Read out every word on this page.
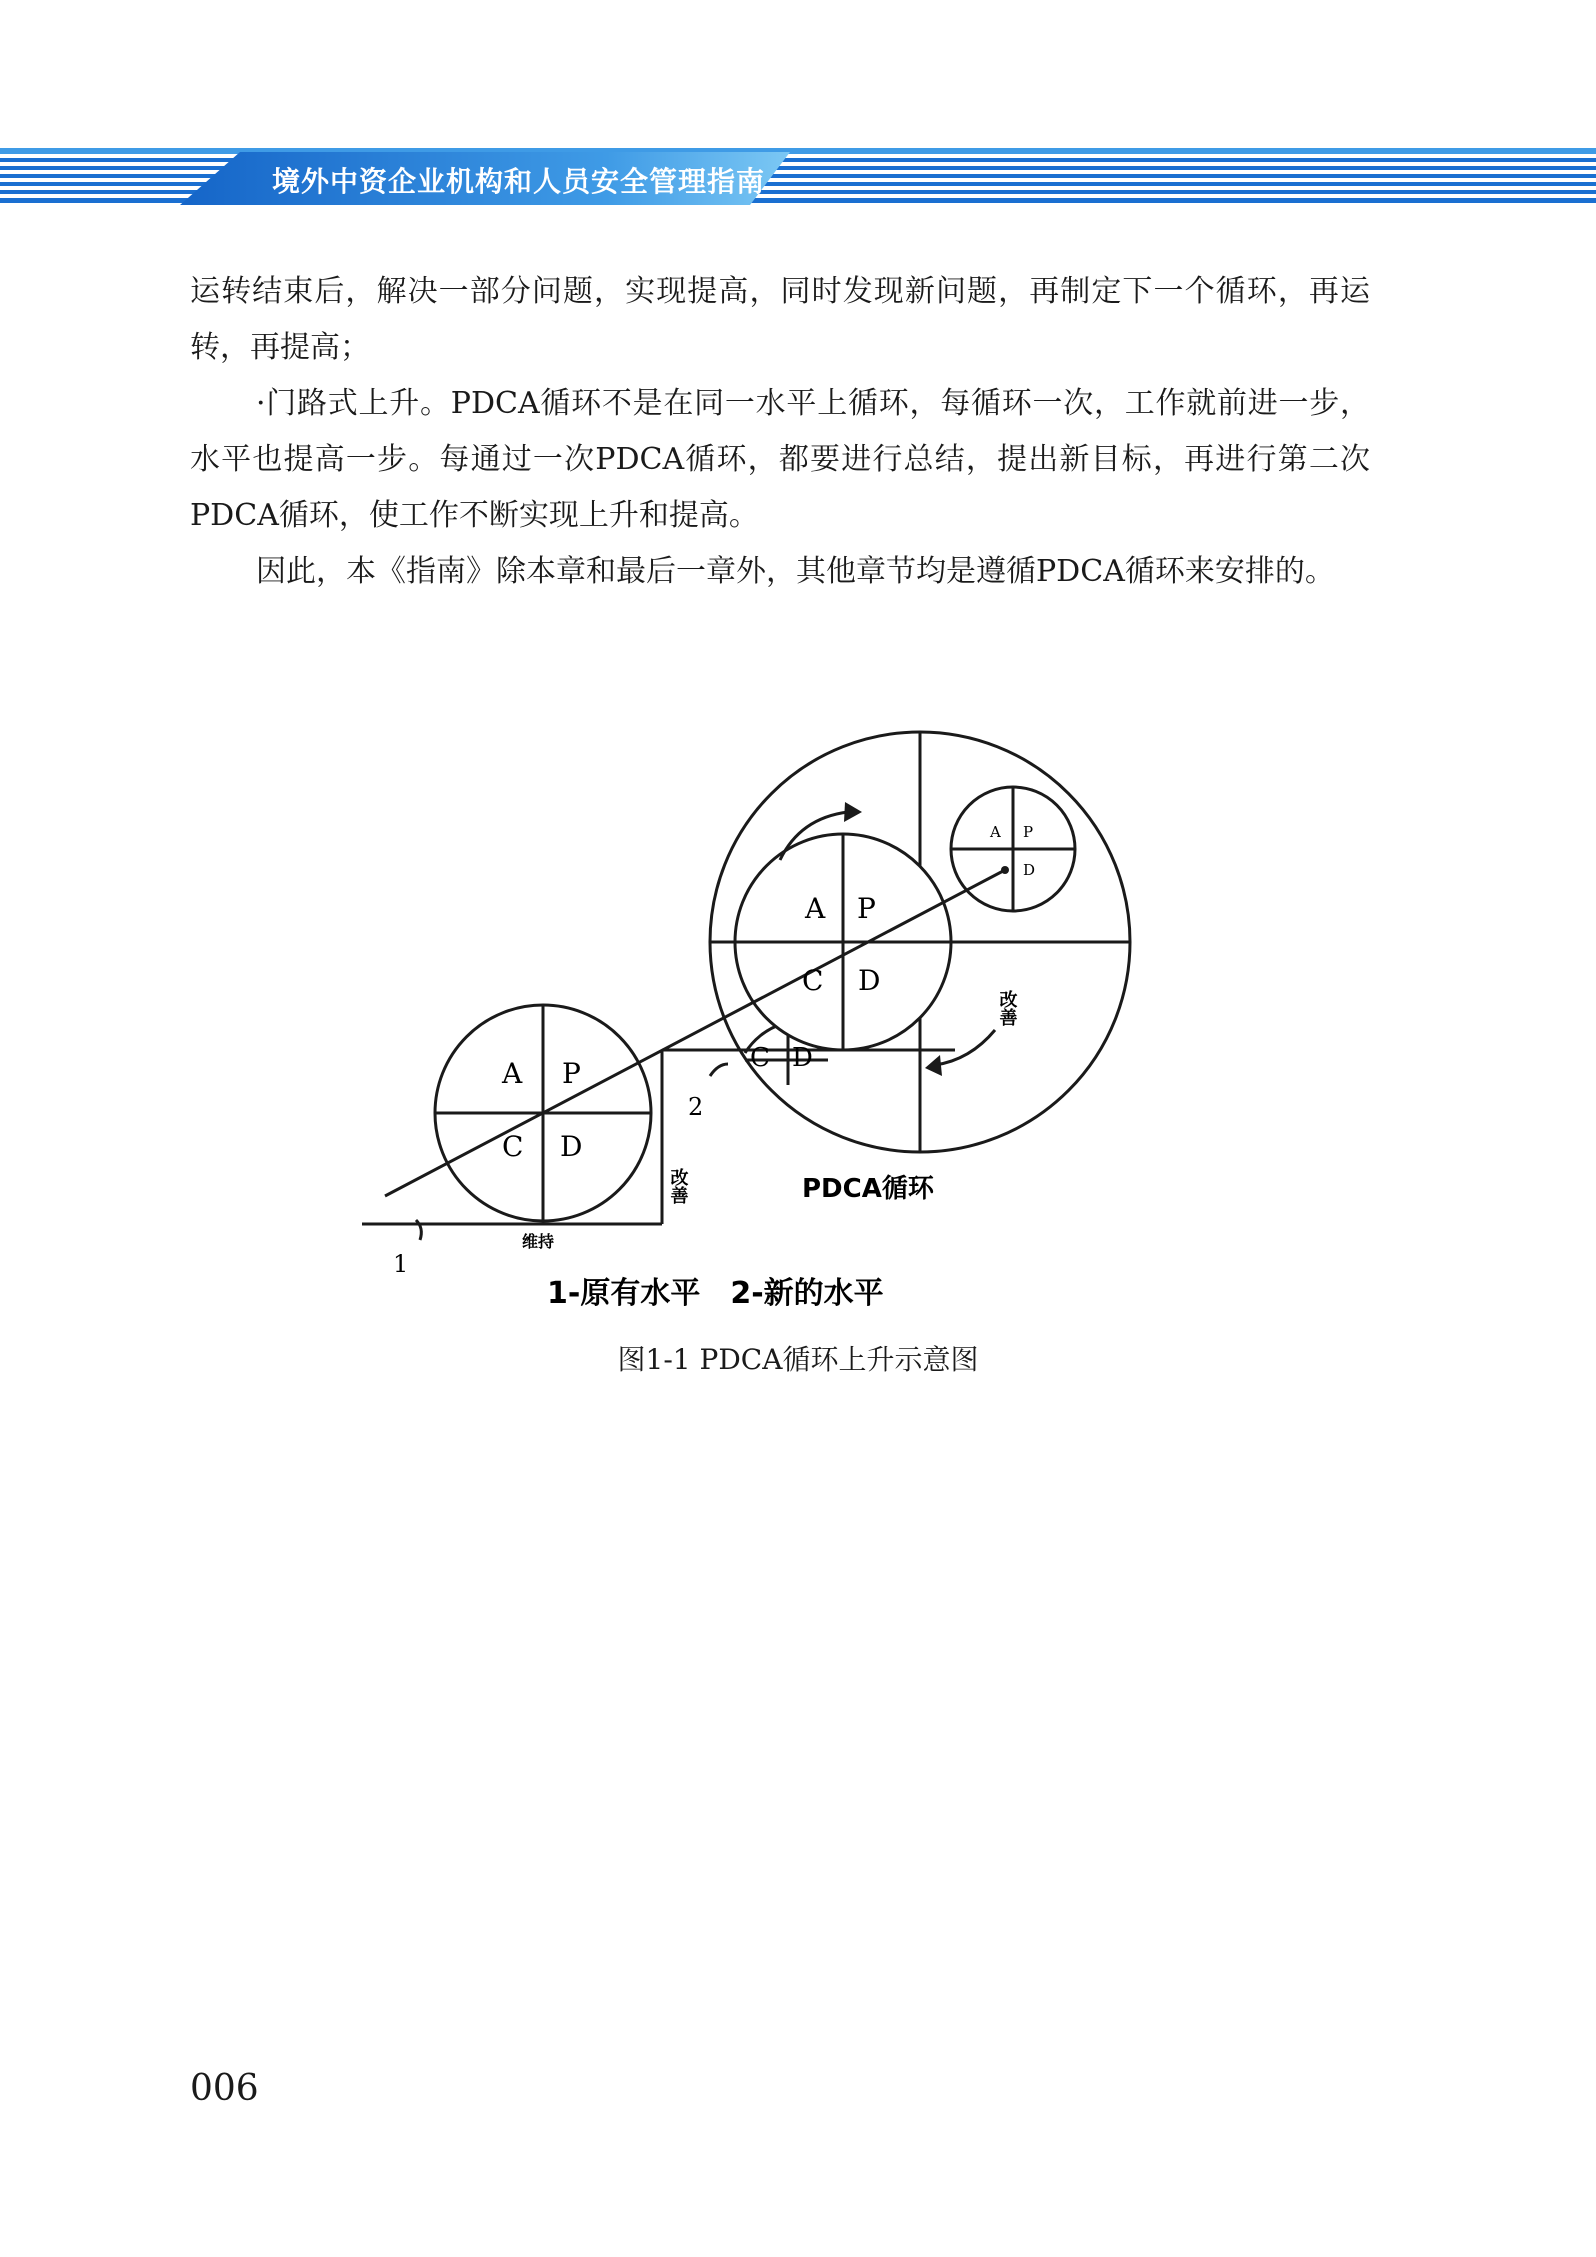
境外中资企业机构和人员安全管理指南

运转结束后，解决一部分问题，实现提高，同时发现新问题，再制定下一个循环，再运转，再提高；

·门路式上升。PDCA循环不是在同一水平上循环，每循环一次，工作就前进一步，水平也提高一步。每通过一次PDCA循环，都要进行总结，提出新目标，再进行第二次PDCA循环，使工作不断实现上升和提高。

因此，本《指南》除本章和最后一章外，其他章节均是遵循PDCA循环来安排的。

A P
C D
A P
C D
A P
D
C D
改善
改善
维持
PDCA循环
1
2
1-原有水平　2-新的水平
图1-1 PDCA循环上升示意图
006
